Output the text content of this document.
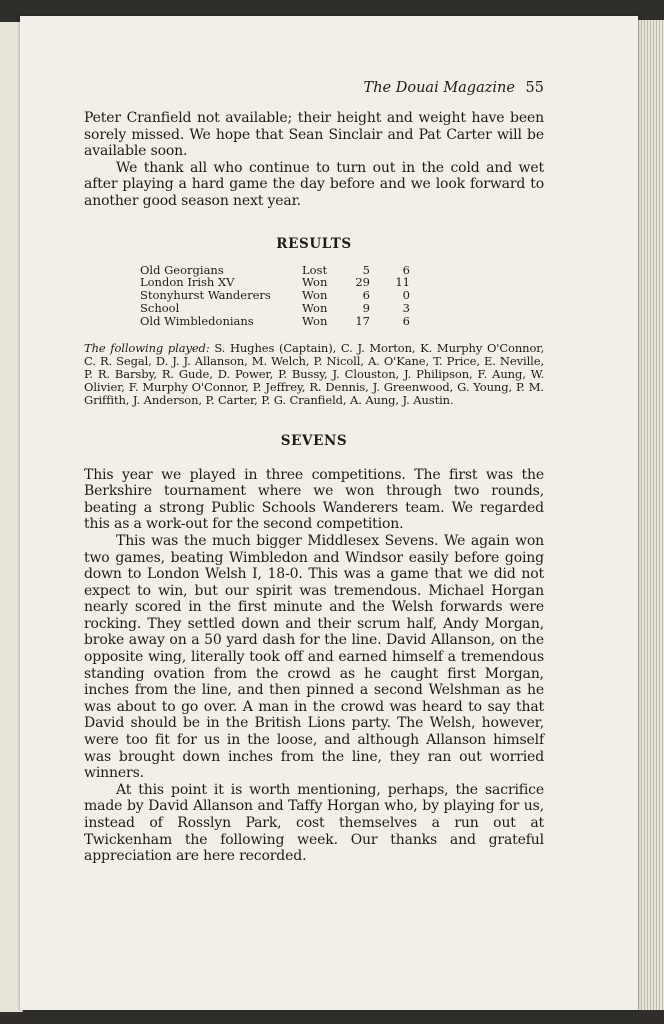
The Douai Magazine 55

Peter Cranfield not available; their height and weight have been sorely missed. We hope that Sean Sinclair and Pat Carter will be available soon.

We thank all who continue to turn out in the cold and wet after playing a hard game the day before and we look forward to another good season next year.

RESULTS
Old Georgians	Lost	5	6
London Irish XV	Won	29	11
Stonyhurst Wanderers	Won	6	0
School	Won	9	3
Old Wimbledonians	Won	17	6

The following played: S. Hughes (Captain), C. J. Morton, K. Murphy O'Connor, C. R. Segal, D. J. J. Allanson, M. Welch, P. Nicoll, A. O'Kane, T. Price, E. Neville, P. R. Barsby, R. Gude, D. Power, P. Bussy, J. Clouston, J. Philipson, F. Aung, W. Olivier, F. Murphy O'Connor, P. Jeffrey, R. Dennis, J. Greenwood, G. Young, P. M. Griffith, J. Anderson, P. Carter, P. G. Cranfield, A. Aung, J. Austin.

SEVENS

This year we played in three competitions. The first was the Berkshire tournament where we won through two rounds, beating a strong Public Schools Wanderers team. We regarded this as a work-out for the second competition.

This was the much bigger Middlesex Sevens. We again won two games, beating Wimbledon and Windsor easily before going down to London Welsh I, 18-0. This was a game that we did not expect to win, but our spirit was tremendous. Michael Horgan nearly scored in the first minute and the Welsh forwards were rocking. They settled down and their scrum half, Andy Morgan, broke away on a 50 yard dash for the line. David Allanson, on the opposite wing, literally took off and earned himself a tremendous standing ovation from the crowd as he caught first Morgan, inches from the line, and then pinned a second Welshman as he was about to go over. A man in the crowd was heard to say that David should be in the British Lions party. The Welsh, however, were too fit for us in the loose, and although Allanson himself was brought down inches from the line, they ran out worried winners.

At this point it is worth mentioning, perhaps, the sacrifice made by David Allanson and Taffy Horgan who, by playing for us, instead of Rosslyn Park, cost themselves a run out at Twickenham the following week. Our thanks and grateful appreciation are here recorded.
